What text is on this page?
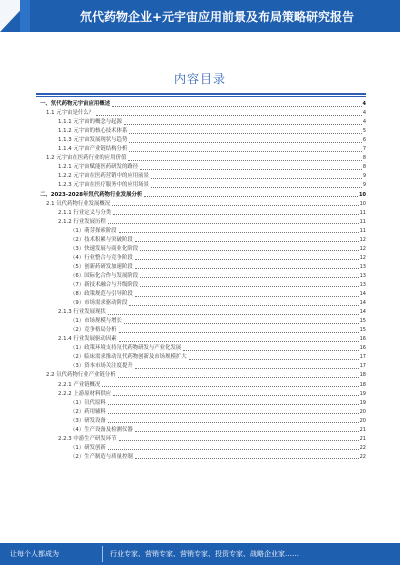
氘代药物企业+元宇宙应用前景及布局策略研究报告
内容目录
一、氘代药物元宇宙应用概述	4
1.1 元宇宙是什么？	4
1.1.1 元宇宙的概念与起源	4
1.1.2 元宇宙的核心技术体系	5
1.1.3 元宇宙发展现状与趋势	6
1.1.4 元宇宙产业链结构分析	7
1.2 元宇宙在医药行业的应用价值	8
1.2.1 元宇宙赋能医药研发的路径	8
1.2.2 元宇宙在医药营销中的应用前景	9
1.2.3 元宇宙在医疗服务中的应用场景	9
二、2023-2028年氘代药物行业发展分析	10
2.1 氘代药物行业发展概况	10
2.1.1 行业定义与分类	11
2.1.2 行业发展历程	11
（1）萌芽探索阶段	11
（2）技术积累与突破阶段	12
（3）快速发展与商业化阶段	12
（4）行业整合与竞争阶段	12
（5）创新药研发加速阶段	13
（6）国际化合作与发展阶段	13
（7）新技术融合与升级阶段	13
（8）政策规范与引导阶段	14
（9）市场需求驱动阶段	14
2.1.3 行业发展现状	14
（1）市场规模与增长	15
（2）竞争格局分析	15
2.1.4 行业发展驱动因素	16
（1）政策环境支持氘代药物研发与产业化发展	16
（2）临床需求推动氘代药物创新及市场规模扩大	17
（3）资本市场关注度提升	17
2.2 氘代药物行业产业链分析	18
2.2.1 产业链概况	18
2.2.2 上游原材料供应	19
（1）氘代原料	19
（2）药用辅料	20
（3）研发设备	20
（4）生产设备及检测仪器	21
2.2.3 中游生产研发环节	21
（1）研发创新	22
（2）生产制造与质量控制	22
让每个人都成为	行业专家、营销专家、营销专家、投资专家、战略企业家……
